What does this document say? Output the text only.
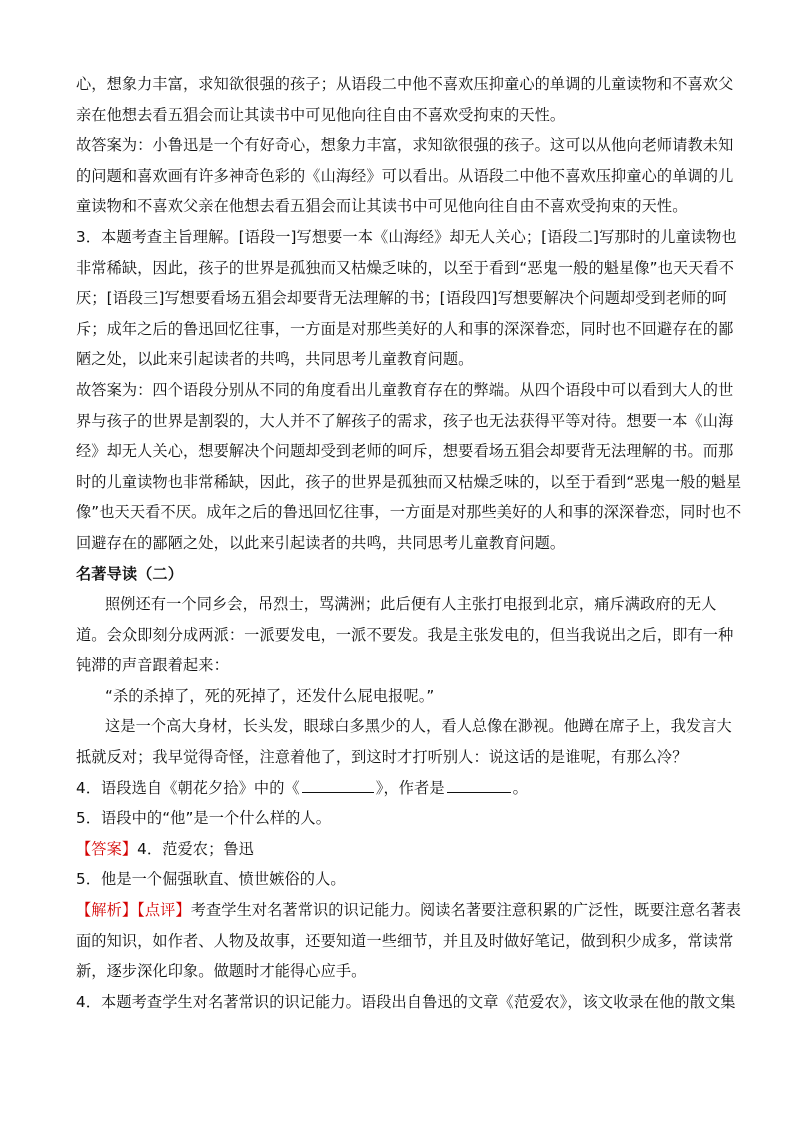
心，想象力丰富，求知欲很强的孩子；从语段二中他不喜欢压抑童心的单调的儿童读物和不喜欢父
亲在他想去看五猖会而让其读书中可见他向往自由不喜欢受拘束的天性。
故答案为：小鲁迅是一个有好奇心，想象力丰富，求知欲很强的孩子。这可以从他向老师请教未知
的问题和喜欢画有许多神奇色彩的《山海经》可以看出。从语段二中他不喜欢压抑童心的单调的儿
童读物和不喜欢父亲在他想去看五猖会而让其读书中可见他向往自由不喜欢受拘束的天性。
3．本题考查主旨理解。[语段一]写想要一本《山海经》却无人关心；[语段二]写那时的儿童读物也
非常稀缺，因此，孩子的世界是孤独而又枯燥乏味的，以至于看到“恶鬼一般的魁星像”也天天看不
厌；[语段三]写想要看场五猖会却要背无法理解的书；[语段四]写想要解决个问题却受到老师的呵
斥；成年之后的鲁迅回忆往事，一方面是对那些美好的人和事的深深眷恋，同时也不回避存在的鄙
陋之处，以此来引起读者的共鸣，共同思考儿童教育问题。
故答案为：四个语段分别从不同的角度看出儿童教育存在的弊端。从四个语段中可以看到大人的世
界与孩子的世界是割裂的，大人并不了解孩子的需求，孩子也无法获得平等对待。想要一本《山海
经》却无人关心，想要解决个问题却受到老师的呵斥，想要看场五猖会却要背无法理解的书。而那
时的儿童读物也非常稀缺，因此，孩子的世界是孤独而又枯燥乏味的，以至于看到“恶鬼一般的魁星
像”也天天看不厌。成年之后的鲁迅回忆往事，一方面是对那些美好的人和事的深深眷恋，同时也不
回避存在的鄙陋之处，以此来引起读者的共鸣，共同思考儿童教育问题。
名著导读（二）
照例还有一个同乡会，吊烈士，骂满洲；此后便有人主张打电报到北京，痛斥满政府的无人
道。会众即刻分成两派：一派要发电，一派不要发。我是主张发电的，但当我说出之后，即有一种
钝滞的声音跟着起来：
“杀的杀掉了，死的死掉了，还发什么屁电报呢。”
这是一个高大身材，长头发，眼球白多黑少的人，看人总像在渺视。他蹲在席子上，我发言大
抵就反对；我早觉得奇怪，注意着他了，到这时才打听别人：说这话的是谁呢，有那么冷？
4．语段选自《朝花夕拾》中的《	》，作者是	。
5．语段中的“他”是一个什么样的人。
【答案】4．范爱农；鲁迅
5．他是一个倔强耿直、愤世嫉俗的人。
【解析】【点评】考查学生对名著常识的识记能力。阅读名著要注意积累的广泛性，既要注意名著表
面的知识，如作者、人物及故事，还要知道一些细节，并且及时做好笔记，做到积少成多，常读常
新，逐步深化印象。做题时才能得心应手。
4．本题考查学生对名著常识的识记能力。语段出自鲁迅的文章《范爱农》，该文收录在他的散文集
